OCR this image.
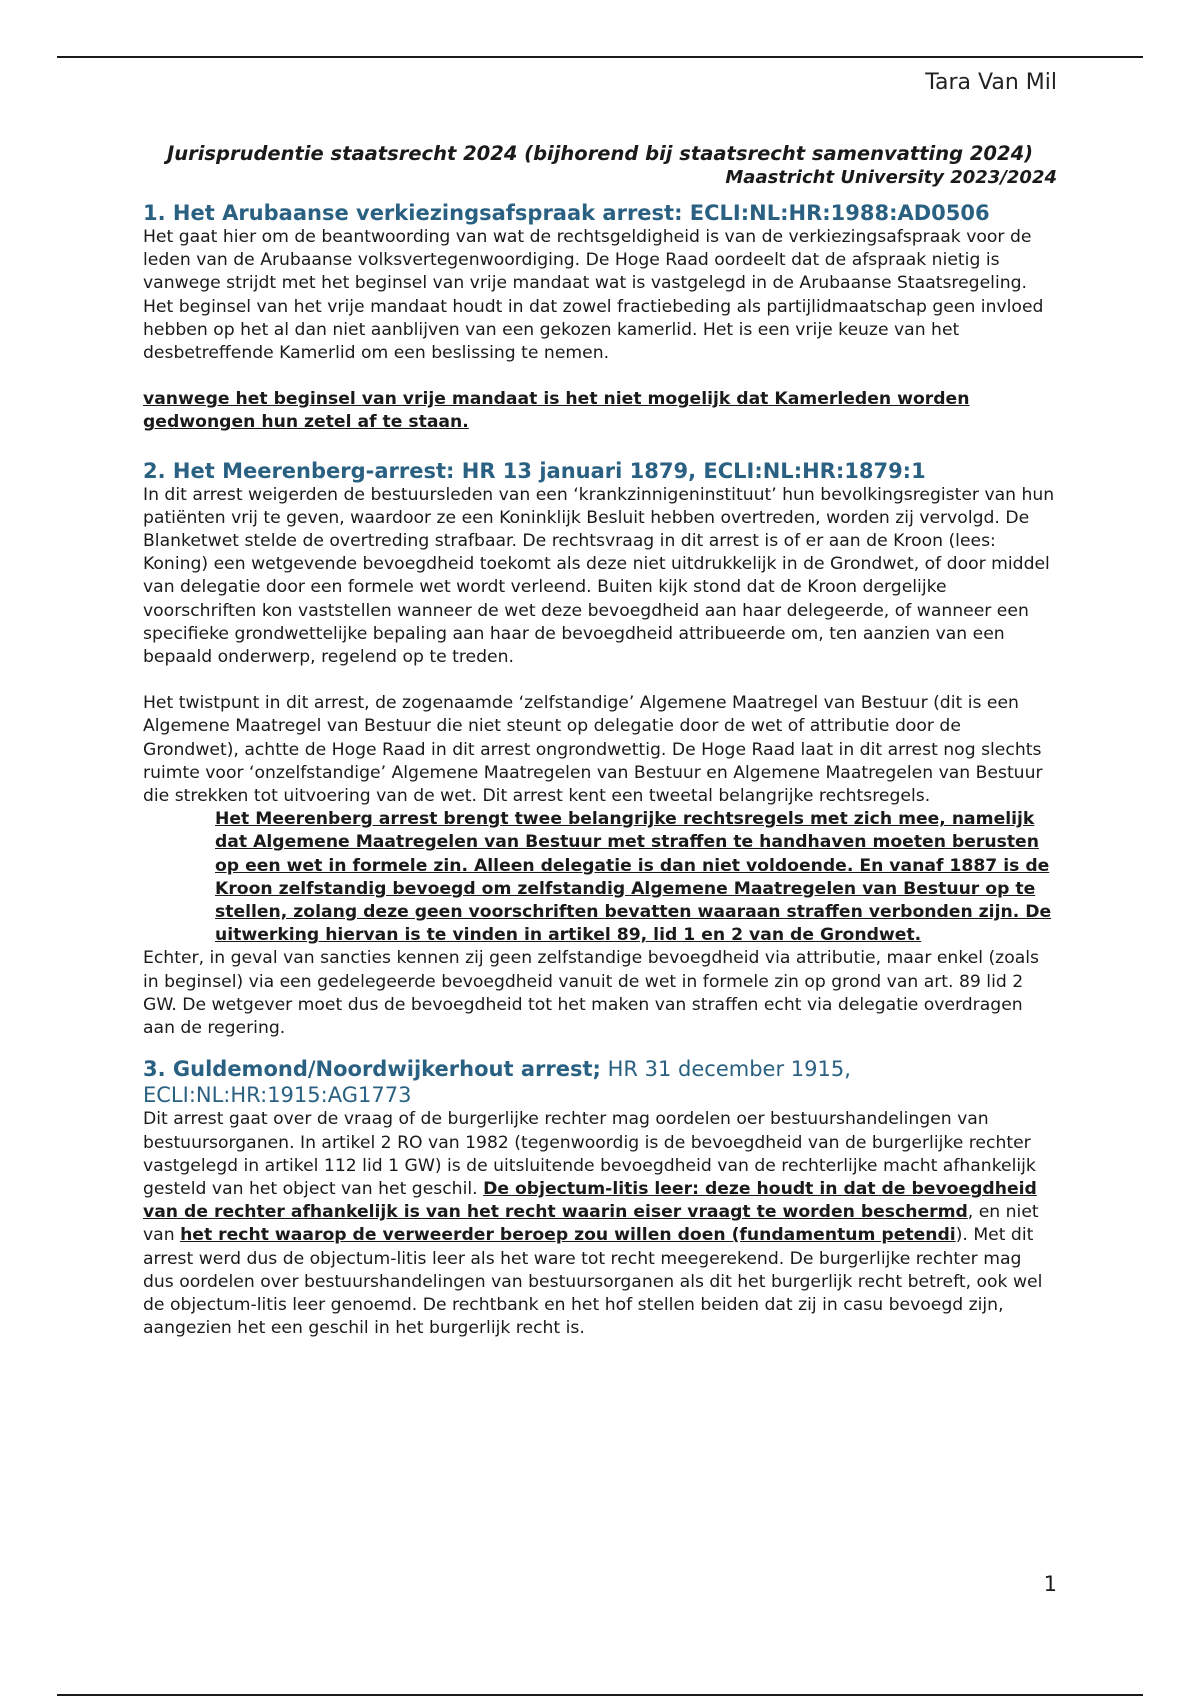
Tara Van Mil

Jurisprudentie staatsrecht 2024 (bijhorend bij staatsrecht samenvatting 2024)

Maastricht University 2023/2024

1. Het Arubaanse verkiezingsafspraak arrest: ECLI:NL:HR:1988:AD0506

Het gaat hier om de beantwoording van wat de rechtsgeldigheid is van de verkiezingsafspraak voor de leden van de Arubaanse volksvertegenwoordiging. De Hoge Raad oordeelt dat de afspraak nietig is vanwege strijdt met het beginsel van vrije mandaat wat is vastgelegd in de Arubaanse Staatsregeling. Het beginsel van het vrije mandaat houdt in dat zowel fractiebeding als partijlidmaatschap geen invloed hebben op het al dan niet aanblijven van een gekozen kamerlid. Het is een vrije keuze van het desbetreffende Kamerlid om een beslissing te nemen.

vanwege het beginsel van vrije mandaat is het niet mogelijk dat Kamerleden worden gedwongen hun zetel af te staan.

2. Het Meerenberg-arrest: HR 13 januari 1879, ECLI:NL:HR:1879:1

In dit arrest weigerden de bestuursleden van een ‘krankzinnigeninstituut’ hun bevolkingsregister van hun patiënten vrij te geven, waardoor ze een Koninklijk Besluit hebben overtreden, worden zij vervolgd. De Blanketwet stelde de overtreding strafbaar. De rechtsvraag in dit arrest is of er aan de Kroon (lees: Koning) een wetgevende bevoegdheid toekomt als deze niet uitdrukkelijk in de Grondwet, of door middel van delegatie door een formele wet wordt verleend. Buiten kijk stond dat de Kroon dergelijke voorschriften kon vaststellen wanneer de wet deze bevoegdheid aan haar delegeerde, of wanneer een specifieke grondwettelijke bepaling aan haar de bevoegdheid attribueerde om, ten aanzien van een bepaald onderwerp, regelend op te treden.

Het twistpunt in dit arrest, de zogenaamde ‘zelfstandige’ Algemene Maatregel van Bestuur (dit is een Algemene Maatregel van Bestuur die niet steunt op delegatie door de wet of attributie door de Grondwet), achtte de Hoge Raad in dit arrest ongrondwettig. De Hoge Raad laat in dit arrest nog slechts ruimte voor ‘onzelfstandige’ Algemene Maatregelen van Bestuur en Algemene Maatregelen van Bestuur die strekken tot uitvoering van de wet. Dit arrest kent een tweetal belangrijke rechtsregels.

Het Meerenberg arrest brengt twee belangrijke rechtsregels met zich mee, namelijk dat Algemene Maatregelen van Bestuur met straffen te handhaven moeten berusten op een wet in formele zin. Alleen delegatie is dan niet voldoende. En vanaf 1887 is de Kroon zelfstandig bevoegd om zelfstandig Algemene Maatregelen van Bestuur op te stellen, zolang deze geen voorschriften bevatten waaraan straffen verbonden zijn. De uitwerking hiervan is te vinden in artikel 89, lid 1 en 2 van de Grondwet.

Echter, in geval van sancties kennen zij geen zelfstandige bevoegdheid via attributie, maar enkel (zoals in beginsel) via een gedelegeerde bevoegdheid vanuit de wet in formele zin op grond van art. 89 lid 2 GW. De wetgever moet dus de bevoegdheid tot het maken van straffen echt via delegatie overdragen aan de regering.

3. Guldemond/Noordwijkerhout arrest; HR 31 december 1915, ECLI:NL:HR:1915:AG1773

Dit arrest gaat over de vraag of de burgerlijke rechter mag oordelen oer bestuurshandelingen van bestuursorganen. In artikel 2 RO van 1982 (tegenwoordig is de bevoegdheid van de burgerlijke rechter vastgelegd in artikel 112 lid 1 GW) is de uitsluitende bevoegdheid van de rechterlijke macht afhankelijk gesteld van het object van het geschil. De objectum-litis leer: deze houdt in dat de bevoegdheid van de rechter afhankelijk is van het recht waarin eiser vraagt te worden beschermd, en niet van het recht waarop de verweerder beroep zou willen doen (fundamentum petendi). Met dit arrest werd dus de objectum-litis leer als het ware tot recht meegerekend. De burgerlijke rechter mag dus oordelen over bestuurshandelingen van bestuursorganen als dit het burgerlijk recht betreft, ook wel de objectum-litis leer genoemd. De rechtbank en het hof stellen beiden dat zij in casu bevoegd zijn, aangezien het een geschil in het burgerlijk recht is.

1
